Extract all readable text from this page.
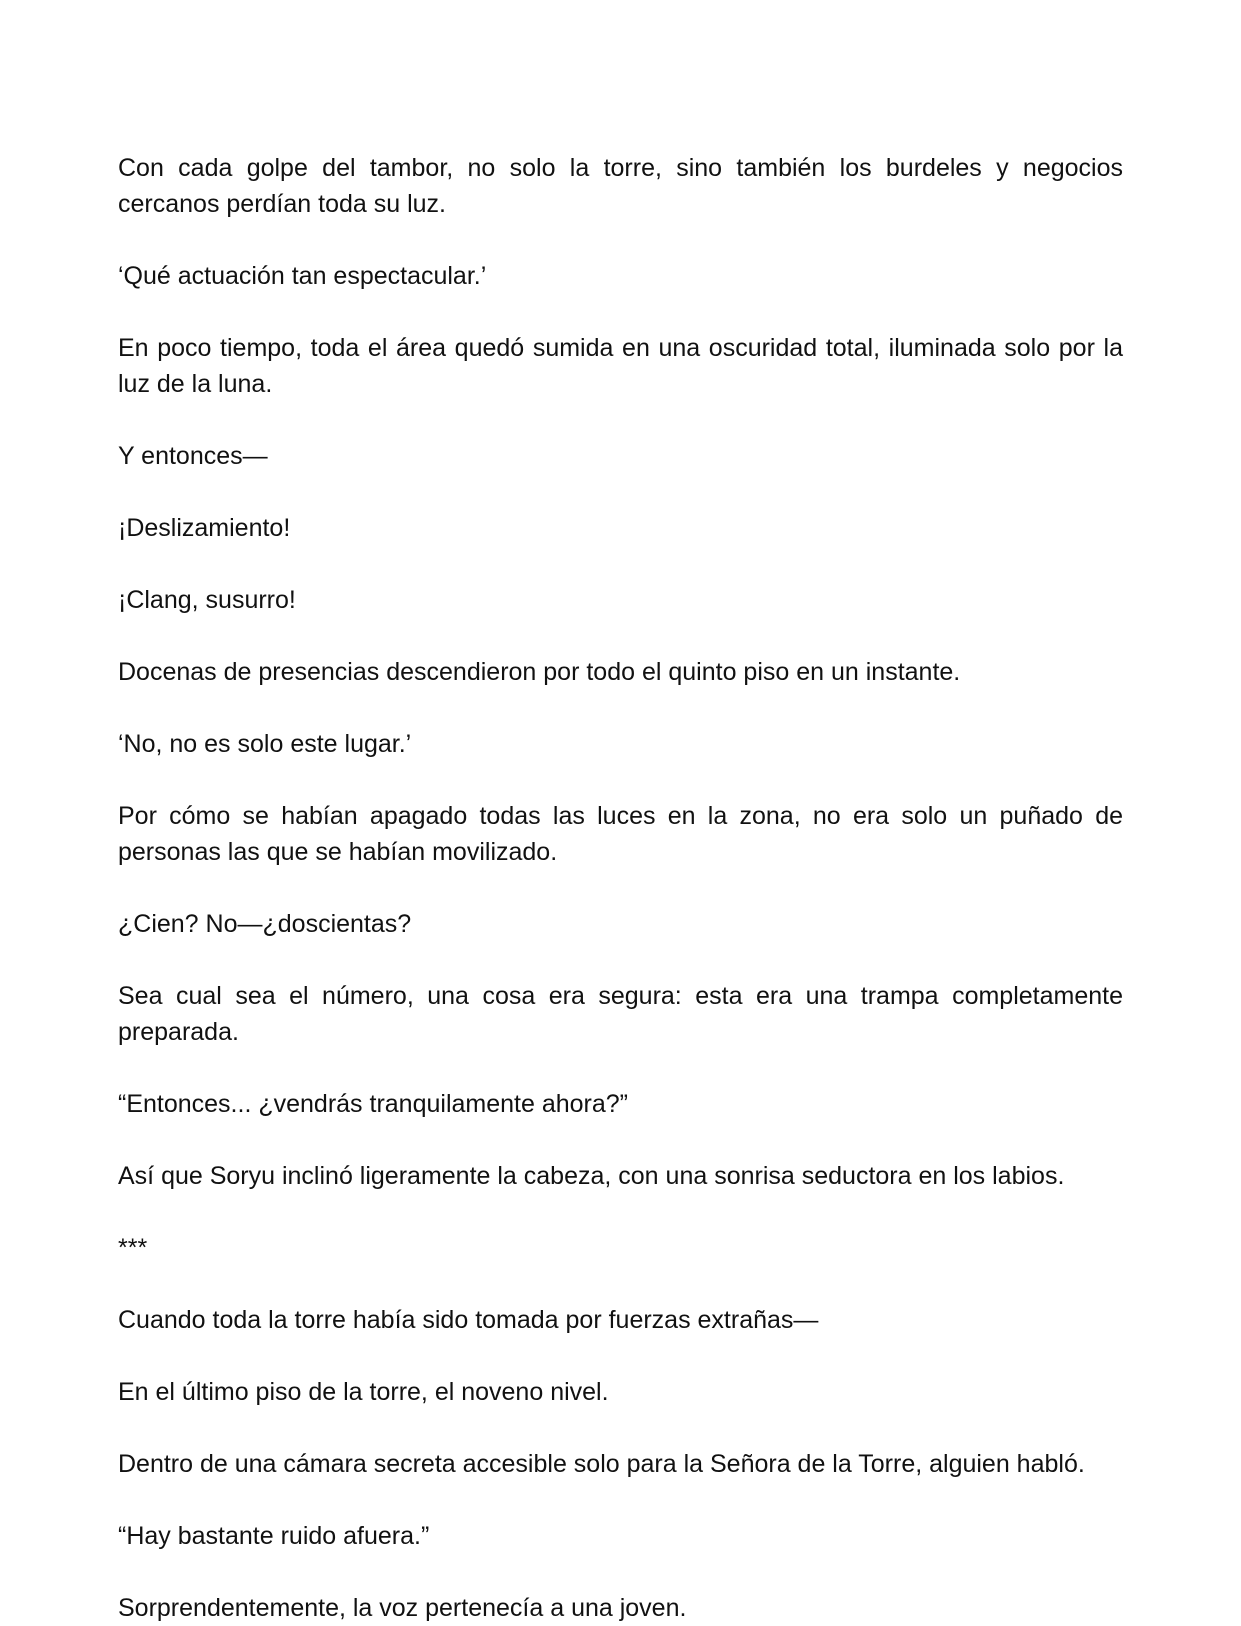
Con cada golpe del tambor, no solo la torre, sino también los burdeles y negocios cercanos perdían toda su luz.

‘Qué actuación tan espectacular.’

En poco tiempo, toda el área quedó sumida en una oscuridad total, iluminada solo por la luz de la luna.

Y entonces—

¡Deslizamiento!

¡Clang, susurro!

Docenas de presencias descendieron por todo el quinto piso en un instante.

‘No, no es solo este lugar.’

Por cómo se habían apagado todas las luces en la zona, no era solo un puñado de personas las que se habían movilizado.

¿Cien? No—¿doscientas?

Sea cual sea el número, una cosa era segura: esta era una trampa completamente preparada.

“Entonces... ¿vendrás tranquilamente ahora?”

Así que Soryu inclinó ligeramente la cabeza, con una sonrisa seductora en los labios.

***

Cuando toda la torre había sido tomada por fuerzas extrañas—

En el último piso de la torre, el noveno nivel.

Dentro de una cámara secreta accesible solo para la Señora de la Torre, alguien habló.

“Hay bastante ruido afuera.”

Sorprendentemente, la voz pertenecía a una joven.
